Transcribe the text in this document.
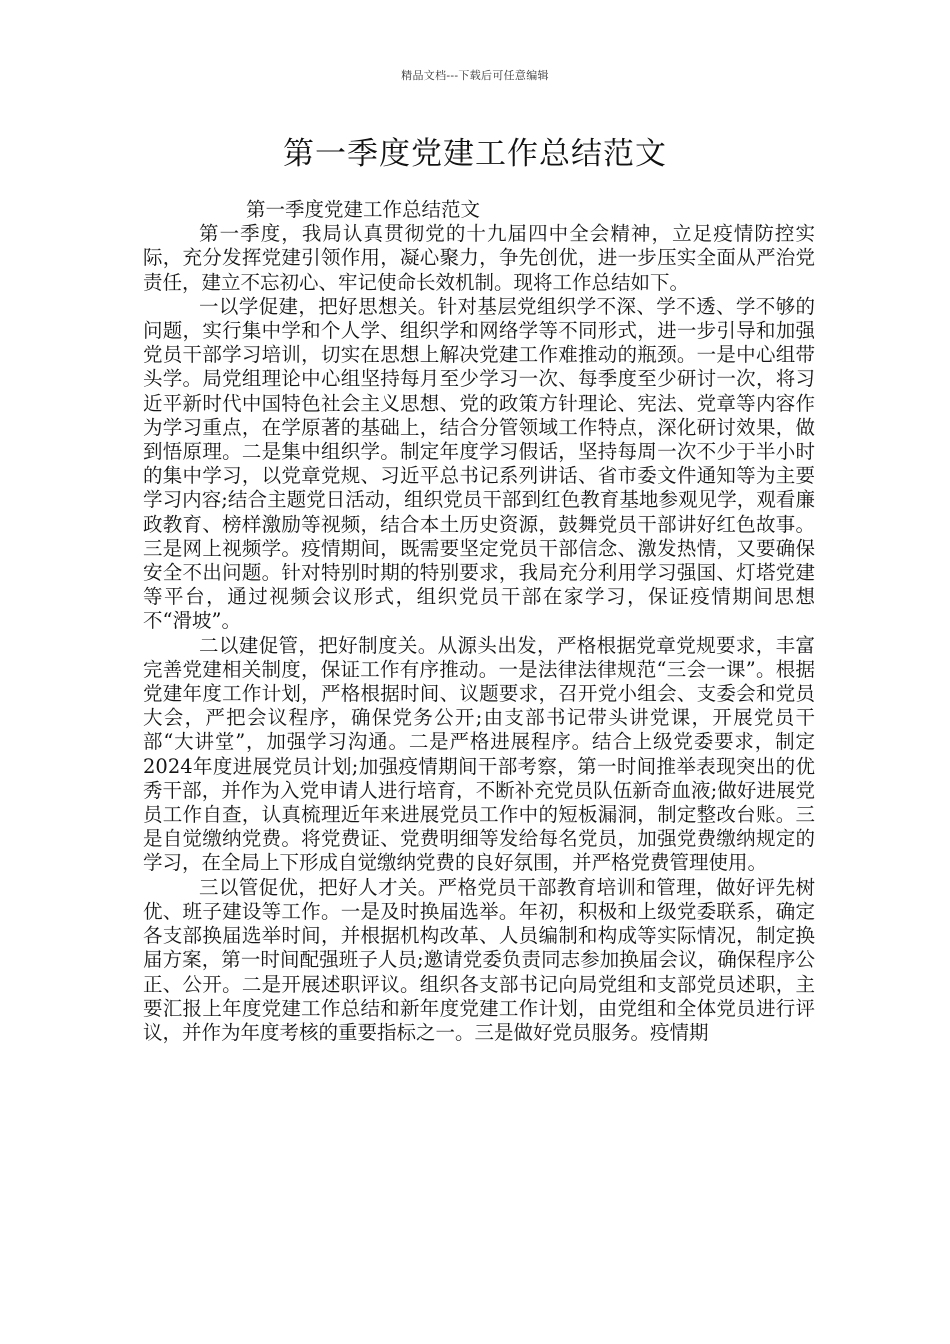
精品文档---下载后可任意编辑
第一季度党建工作总结范文

第一季度党建工作总结范文

第一季度，我局认真贯彻党的十九届四中全会精神，立足疫情防控实际，充分发挥党建引领作用，凝心聚力，争先创优，进一步压实全面从严治党责任，建立不忘初心、牢记使命长效机制。现将工作总结如下。

一以学促建，把好思想关。针对基层党组织学不深、学不透、学不够的问题，实行集中学和个人学、组织学和网络学等不同形式，进一步引导和加强党员干部学习培训，切实在思想上解决党建工作难推动的瓶颈。一是中心组带头学。局党组理论中心组坚持每月至少学习一次、每季度至少研讨一次，将习近平新时代中国特色社会主义思想、党的政策方针理论、宪法、党章等内容作为学习重点，在学原著的基础上，结合分管领域工作特点，深化研讨效果，做到悟原理。二是集中组织学。制定年度学习假话，坚持每周一次不少于半小时的集中学习，以党章党规、习近平总书记系列讲话、省市委文件通知等为主要学习内容;结合主题党日活动，组织党员干部到红色教育基地参观见学，观看廉政教育、榜样激励等视频，结合本土历史资源，鼓舞党员干部讲好红色故事。三是网上视频学。疫情期间，既需要坚定党员干部信念、激发热情，又要确保安全不出问题。针对特别时期的特别要求，我局充分利用学习强国、灯塔党建等平台，通过视频会议形式，组织党员干部在家学习，保证疫情期间思想不“滑坡”。

二以建促管，把好制度关。从源头出发，严格根据党章党规要求，丰富完善党建相关制度，保证工作有序推动。一是法律法律规范“三会一课”。根据党建年度工作计划，严格根据时间、议题要求，召开党小组会、支委会和党员大会，严把会议程序，确保党务公开;由支部书记带头讲党课，开展党员干部“大讲堂”，加强学习沟通。二是严格进展程序。结合上级党委要求，制定2024年度进展党员计划;加强疫情期间干部考察，第一时间推举表现突出的优秀干部，并作为入党申请人进行培育，不断补充党员队伍新奇血液;做好进展党员工作自查，认真梳理近年来进展党员工作中的短板漏洞，制定整改台账。三是自觉缴纳党费。将党费证、党费明细等发给每名党员，加强党费缴纳规定的学习，在全局上下形成自觉缴纳党费的良好氛围，并严格党费管理使用。

三以管促优，把好人才关。严格党员干部教育培训和管理，做好评先树优、班子建设等工作。一是及时换届选举。年初，积极和上级党委联系，确定各支部换届选举时间，并根据机构改革、人员编制和构成等实际情况，制定换届方案，第一时间配强班子人员;邀请党委负责同志参加换届会议，确保程序公正、公开。二是开展述职评议。组织各支部书记向局党组和支部党员述职，主要汇报上年度党建工作总结和新年度党建工作计划，由党组和全体党员进行评议，并作为年度考核的重要指标之一。三是做好党员服务。疫情期
